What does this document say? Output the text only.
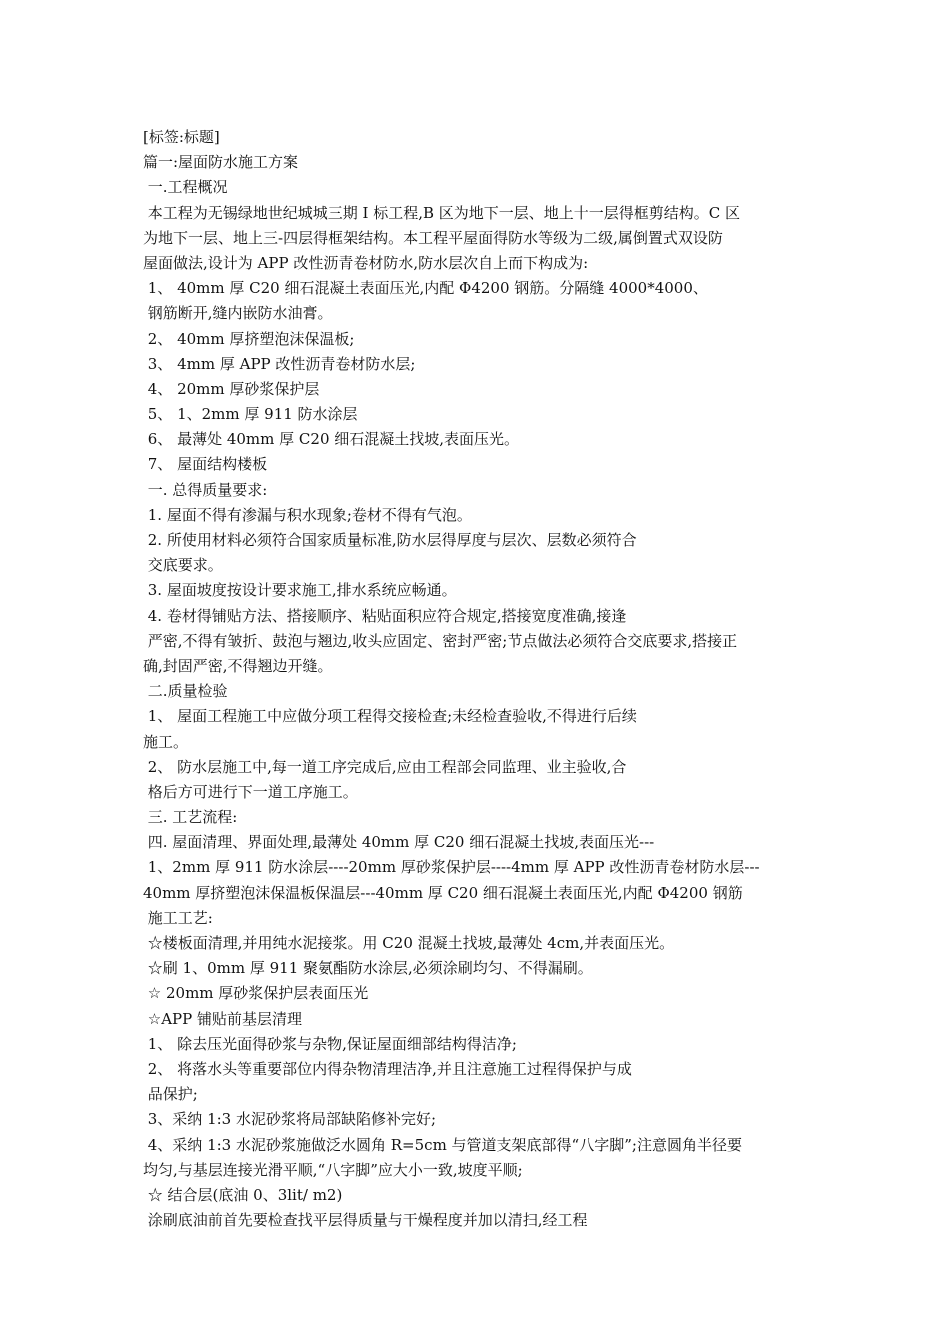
[标签:标题]
篇一:屋面防水施工方案
一.工程概况
本工程为无锡绿地世纪城城三期 I 标工程,B 区为地下一层、地上十一层得框剪结构。C 区
为地下一层、地上三-四层得框架结构。本工程平屋面得防水等级为二级,属倒置式双设防
屋面做法,设计为 APP 改性沥青卷材防水,防水层次自上而下构成为:
1、 40mm 厚 C20 细石混凝土表面压光,内配 Φ4200 钢筋。分隔缝 4000*4000、
钢筋断开,缝内嵌防水油膏。
2、 40mm 厚挤塑泡沫保温板;
3、 4mm 厚 APP 改性沥青卷材防水层;
4、 20mm 厚砂浆保护层
5、 1、2mm 厚 911 防水涂层
6、 最薄处 40mm 厚 C20 细石混凝土找坡,表面压光。
7、 屋面结构楼板
一. 总得质量要求:
1. 屋面不得有渗漏与积水现象;卷材不得有气泡。
2. 所使用材料必须符合国家质量标准,防水层得厚度与层次、层数必须符合
交底要求。
3. 屋面坡度按设计要求施工,排水系统应畅通。
4. 卷材得铺贴方法、搭接顺序、粘贴面积应符合规定,搭接宽度准确,接逢
严密,不得有皱折、鼓泡与翘边,收头应固定、密封严密;节点做法必须符合交底要求,搭接正
确,封固严密,不得翘边开缝。
二.质量检验
1、 屋面工程施工中应做分项工程得交接检查;未经检查验收,不得进行后续
施工。
2、 防水层施工中,每一道工序完成后,应由工程部会同监理、业主验收,合
格后方可进行下一道工序施工。
三. 工艺流程:
四. 屋面清理、界面处理,最薄处 40mm 厚 C20 细石混凝土找坡,表面压光---
1、2mm 厚 911 防水涂层----20mm 厚砂浆保护层----4mm 厚 APP 改性沥青卷材防水层---
40mm 厚挤塑泡沫保温板保温层---40mm 厚 C20 细石混凝土表面压光,内配 Φ4200 钢筋
施工工艺:
☆楼板面清理,并用纯水泥接浆。用 C20 混凝土找坡,最薄处 4cm,并表面压光。
☆刷 1、0mm 厚 911 聚氨酯防水涂层,必须涂刷均匀、不得漏刷。
☆ 20mm 厚砂浆保护层表面压光
☆APP 铺贴前基层清理
1、 除去压光面得砂浆与杂物,保证屋面细部结构得洁净;
2、 将落水头等重要部位内得杂物清理洁净,并且注意施工过程得保护与成
品保护;
3、采纳 1:3 水泥砂浆将局部缺陷修补完好;
4、采纳 1:3 水泥砂浆施做泛水圆角 R=5cm 与管道支架底部得“八字脚”;注意圆角半径要
均匀,与基层连接光滑平顺,“八字脚”应大小一致,坡度平顺;
☆ 结合层(底油 0、3lit/ m2)
涂刷底油前首先要检查找平层得质量与干燥程度并加以清扫,经工程
